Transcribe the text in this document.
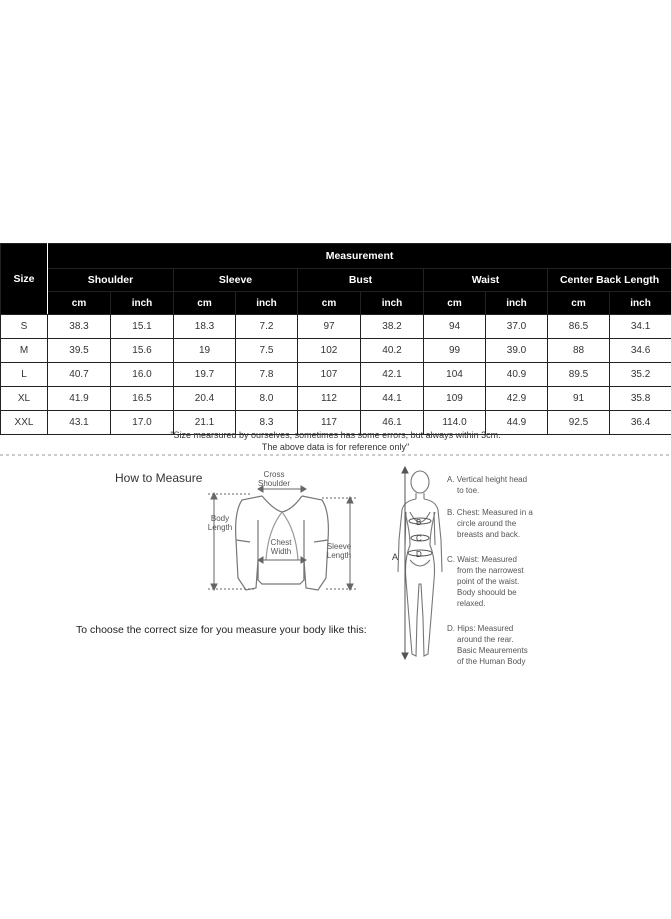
Size	Measurement									
	Shoulder		Sleeve		Bust		Waist		Center Back Length	
	cm	inch	cm	inch	cm	inch	cm	inch	cm	inch
S	38.3	15.1	18.3	7.2	97	38.2	94	37.0	86.5	34.1
M	39.5	15.6	19	7.5	102	40.2	99	39.0	88	34.6
L	40.7	16.0	19.7	7.8	107	42.1	104	40.9	89.5	35.2
XL	41.9	16.5	20.4	8.0	112	44.1	109	42.9	91	35.8
XXL	43.1	17.0	21.1	8.3	117	46.1	114.0	44.9	92.5	36.4
"Size mearsured by ourselves, sometimes has some errors, but always within 3cm.
The above data is for reference only"
How to Measure	Cross
Shoulder
Body
Length
Chest
Width
Sleeve
Length
To choose the correct size for you measure your body like this:
A
B
C
D
A. Vertical height head
to toe.
B. Chest: Measured in a
circle around the
breasts and back.
C. Waist: Measured
from the narrowest
point of the waist.
Body shoould be
relaxed.
D. Hips: Measured
around the rear.
Basic Meaurements
of the Human Body
